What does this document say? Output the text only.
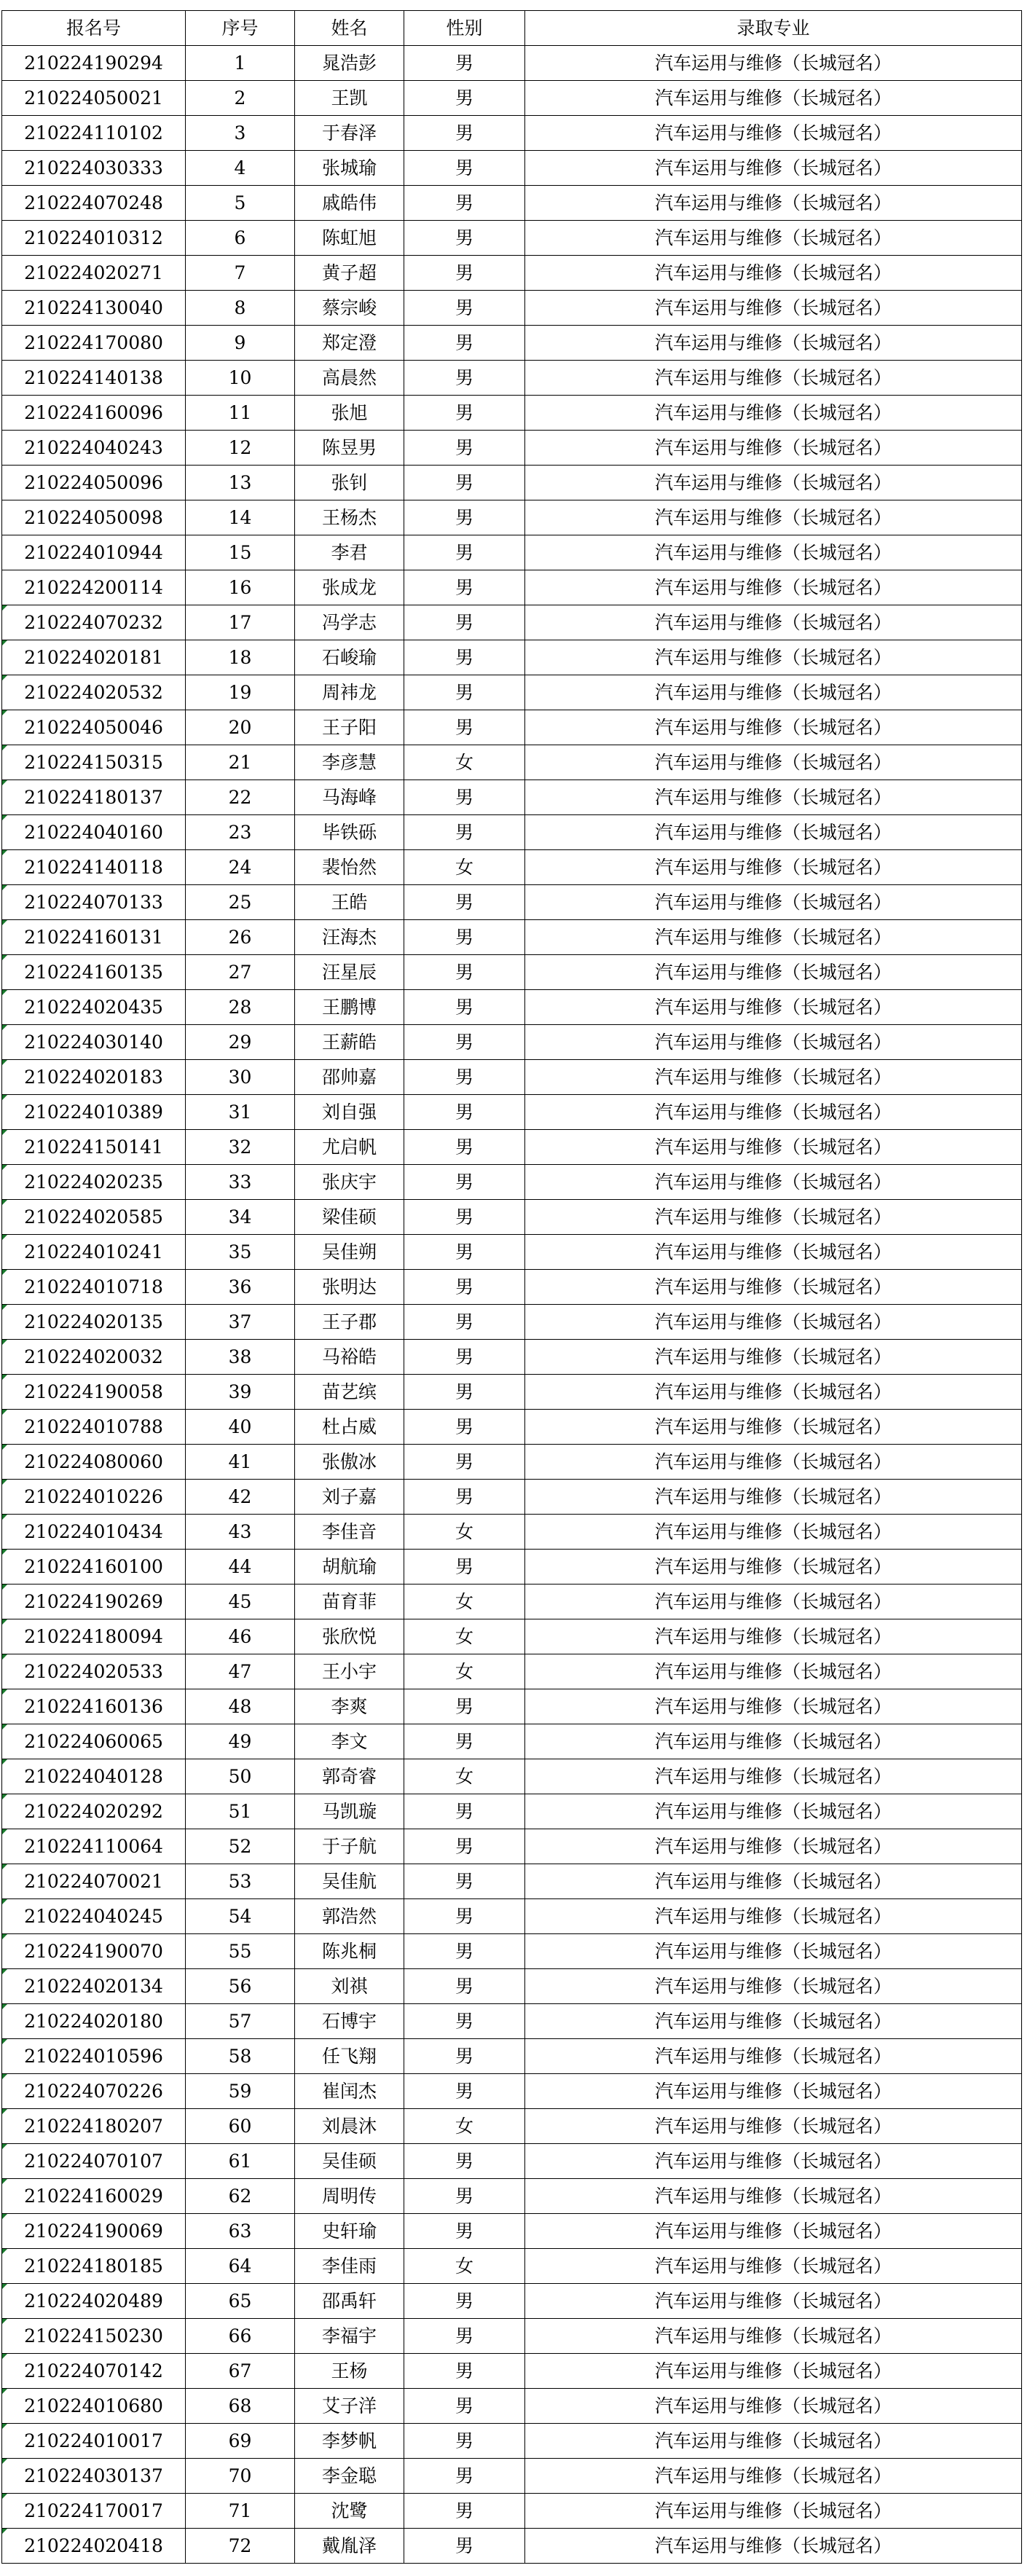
报名号	序号	姓名	性别	录取专业
210224190294	1	晁浩彭	男	汽车运用与维修（长城冠名）
210224050021	2	王凯	男	汽车运用与维修（长城冠名）
210224110102	3	于春泽	男	汽车运用与维修（长城冠名）
210224030333	4	张城瑜	男	汽车运用与维修（长城冠名）
210224070248	5	戚皓伟	男	汽车运用与维修（长城冠名）
210224010312	6	陈虹旭	男	汽车运用与维修（长城冠名）
210224020271	7	黄子超	男	汽车运用与维修（长城冠名）
210224130040	8	蔡宗峻	男	汽车运用与维修（长城冠名）
210224170080	9	郑定澄	男	汽车运用与维修（长城冠名）
210224140138	10	高晨然	男	汽车运用与维修（长城冠名）
210224160096	11	张旭	男	汽车运用与维修（长城冠名）
210224040243	12	陈昱男	男	汽车运用与维修（长城冠名）
210224050096	13	张钊	男	汽车运用与维修（长城冠名）
210224050098	14	王杨杰	男	汽车运用与维修（长城冠名）
210224010944	15	李君	男	汽车运用与维修（长城冠名）
210224200114	16	张成龙	男	汽车运用与维修（长城冠名）
210224070232	17	冯学志	男	汽车运用与维修（长城冠名）
210224020181	18	石峻瑜	男	汽车运用与维修（长城冠名）
210224020532	19	周袆龙	男	汽车运用与维修（长城冠名）
210224050046	20	王子阳	男	汽车运用与维修（长城冠名）
210224150315	21	李彦慧	女	汽车运用与维修（长城冠名）
210224180137	22	马海峰	男	汽车运用与维修（长城冠名）
210224040160	23	毕铁砾	男	汽车运用与维修（长城冠名）
210224140118	24	裴怡然	女	汽车运用与维修（长城冠名）
210224070133	25	王皓	男	汽车运用与维修（长城冠名）
210224160131	26	汪海杰	男	汽车运用与维修（长城冠名）
210224160135	27	汪星辰	男	汽车运用与维修（长城冠名）
210224020435	28	王鹏博	男	汽车运用与维修（长城冠名）
210224030140	29	王薪皓	男	汽车运用与维修（长城冠名）
210224020183	30	邵帅嘉	男	汽车运用与维修（长城冠名）
210224010389	31	刘自强	男	汽车运用与维修（长城冠名）
210224150141	32	尤启帆	男	汽车运用与维修（长城冠名）
210224020235	33	张庆宇	男	汽车运用与维修（长城冠名）
210224020585	34	梁佳硕	男	汽车运用与维修（长城冠名）
210224010241	35	吴佳朔	男	汽车运用与维修（长城冠名）
210224010718	36	张明达	男	汽车运用与维修（长城冠名）
210224020135	37	王子郡	男	汽车运用与维修（长城冠名）
210224020032	38	马裕皓	男	汽车运用与维修（长城冠名）
210224190058	39	苗艺缤	男	汽车运用与维修（长城冠名）
210224010788	40	杜占威	男	汽车运用与维修（长城冠名）
210224080060	41	张傲冰	男	汽车运用与维修（长城冠名）
210224010226	42	刘子嘉	男	汽车运用与维修（长城冠名）
210224010434	43	李佳音	女	汽车运用与维修（长城冠名）
210224160100	44	胡航瑜	男	汽车运用与维修（长城冠名）
210224190269	45	苗育菲	女	汽车运用与维修（长城冠名）
210224180094	46	张欣悦	女	汽车运用与维修（长城冠名）
210224020533	47	王小宇	女	汽车运用与维修（长城冠名）
210224160136	48	李爽	男	汽车运用与维修（长城冠名）
210224060065	49	李文	男	汽车运用与维修（长城冠名）
210224040128	50	郭奇睿	女	汽车运用与维修（长城冠名）
210224020292	51	马凯璇	男	汽车运用与维修（长城冠名）
210224110064	52	于子航	男	汽车运用与维修（长城冠名）
210224070021	53	吴佳航	男	汽车运用与维修（长城冠名）
210224040245	54	郭浩然	男	汽车运用与维修（长城冠名）
210224190070	55	陈兆桐	男	汽车运用与维修（长城冠名）
210224020134	56	刘祺	男	汽车运用与维修（长城冠名）
210224020180	57	石博宇	男	汽车运用与维修（长城冠名）
210224010596	58	任飞翔	男	汽车运用与维修（长城冠名）
210224070226	59	崔闰杰	男	汽车运用与维修（长城冠名）
210224180207	60	刘晨沐	女	汽车运用与维修（长城冠名）
210224070107	61	吴佳硕	男	汽车运用与维修（长城冠名）
210224160029	62	周明传	男	汽车运用与维修（长城冠名）
210224190069	63	史轩瑜	男	汽车运用与维修（长城冠名）
210224180185	64	李佳雨	女	汽车运用与维修（长城冠名）
210224020489	65	邵禹轩	男	汽车运用与维修（长城冠名）
210224150230	66	李福宇	男	汽车运用与维修（长城冠名）
210224070142	67	王杨	男	汽车运用与维修（长城冠名）
210224010680	68	艾子洋	男	汽车运用与维修（长城冠名）
210224010017	69	李梦帆	男	汽车运用与维修（长城冠名）
210224030137	70	李金聪	男	汽车运用与维修（长城冠名）
210224170017	71	沈鹭	男	汽车运用与维修（长城冠名）
210224020418	72	戴胤泽	男	汽车运用与维修（长城冠名）
